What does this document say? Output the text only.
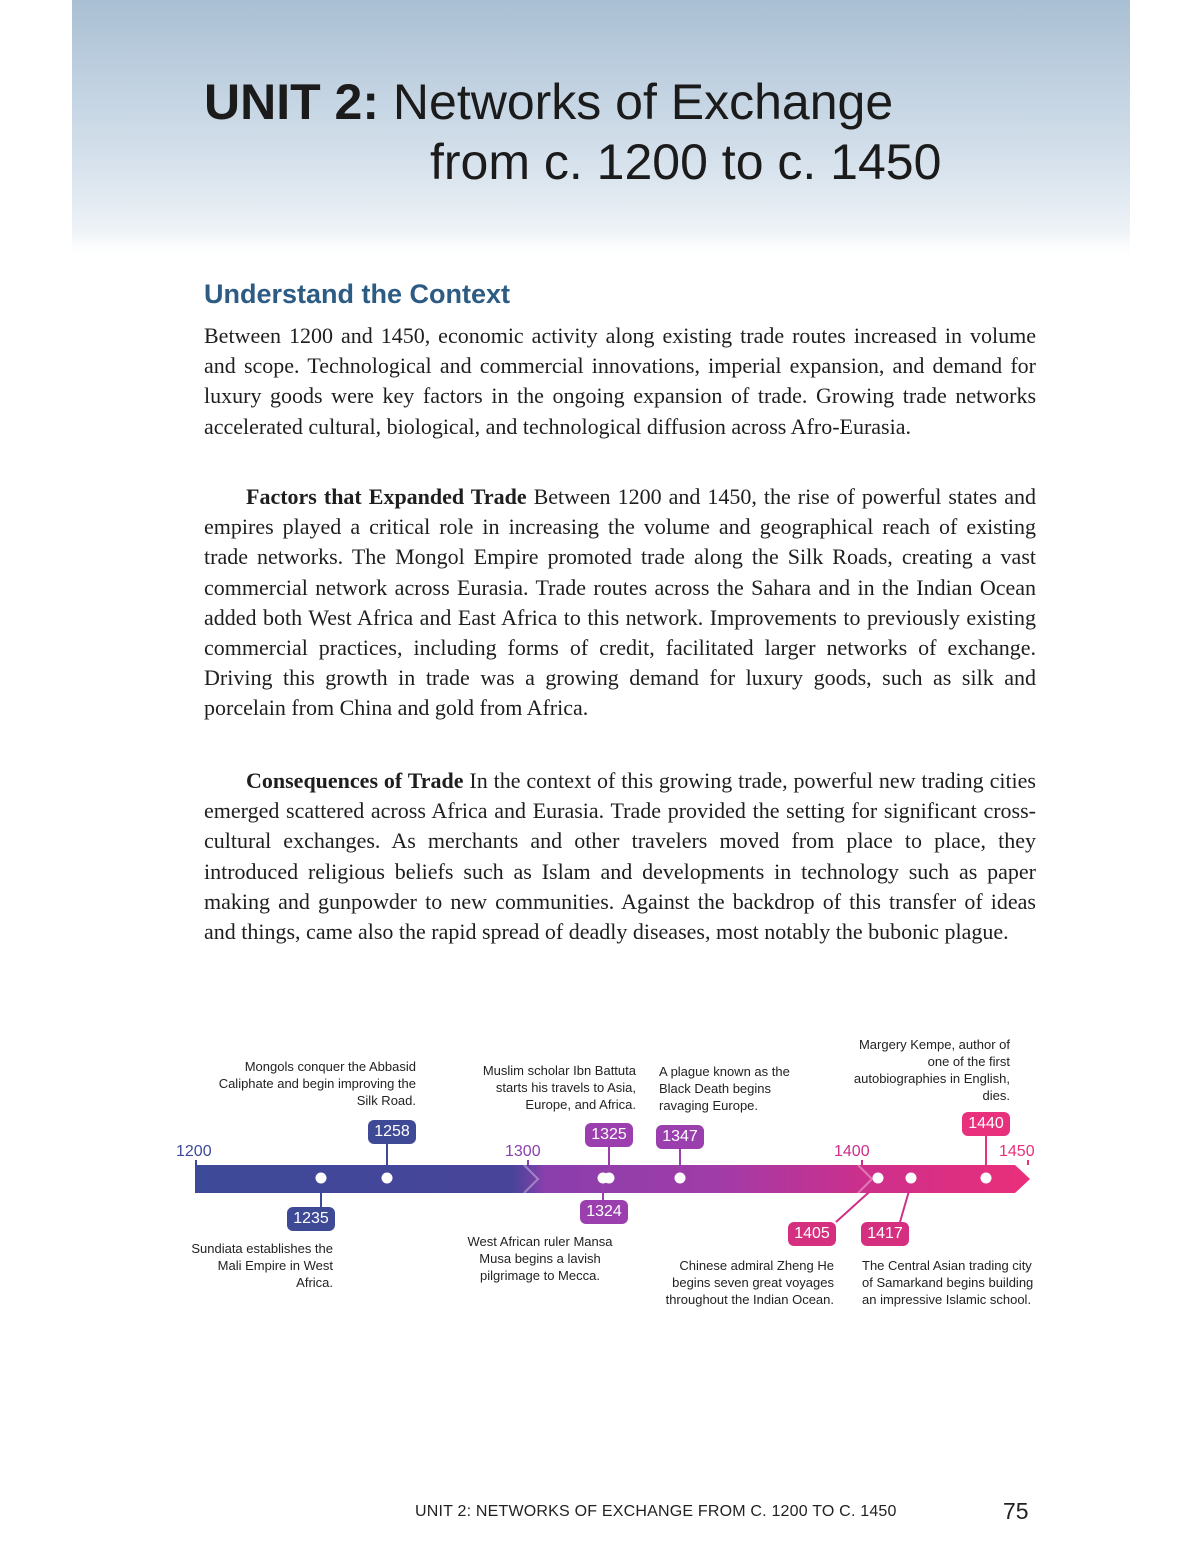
UNIT 2: Networks of Exchange
from c. 1200 to c. 1450
Understand the Context

Between 1200 and 1450, economic activity along existing trade routes increased in volume and scope. Technological and commercial innovations, imperial expansion, and demand for luxury goods were key factors in the ongoing expansion of trade. Growing trade networks accelerated cultural, biological, and technological diffusion across Afro-Eurasia.

Factors that Expanded Trade Between 1200 and 1450, the rise of powerful states and empires played a critical role in increasing the volume and geographical reach of existing trade networks. The Mongol Empire promoted trade along the Silk Roads, creating a vast commercial network across Eurasia. Trade routes across the Sahara and in the Indian Ocean added both West Africa and East Africa to this network. Improvements to previously existing commercial practices, including forms of credit, facilitated larger networks of exchange. Driving this growth in trade was a growing demand for luxury goods, such as silk and porcelain from China and gold from Africa.

Consequences of Trade In the context of this growing trade, powerful new trading cities emerged scattered across Africa and Eurasia. Trade provided the setting for significant cross-cultural exchanges. As merchants and other travelers moved from place to place, they introduced religious beliefs such as Islam and developments in technology such as paper making and gunpowder to new communities. Against the backdrop of this transfer of ideas and things, came also the rapid spread of deadly diseases, most notably the bubonic plague.

1200	1300	1400	1450
1235
1258
1324
1325	1347
1405	1417
1440
Sundiata establishes the Mali Empire in West Africa.
Mongols conquer the Abbasid Caliphate and begin improving the Silk Road.
West African ruler Mansa Musa begins a lavish pilgrimage to Mecca.
Muslim scholar Ibn Battuta starts his travels to Asia, Europe, and Africa.
A plague known as the Black Death begins ravaging Europe.
Chinese admiral Zheng He begins seven great voyages throughout the Indian Ocean.
The Central Asian trading city of Samarkand begins building an impressive Islamic school.
Margery Kempe, author of one of the first autobiographies in English, dies.
UNIT 2: NETWORKS OF EXCHANGE FROM C. 1200 TO C. 1450	75
